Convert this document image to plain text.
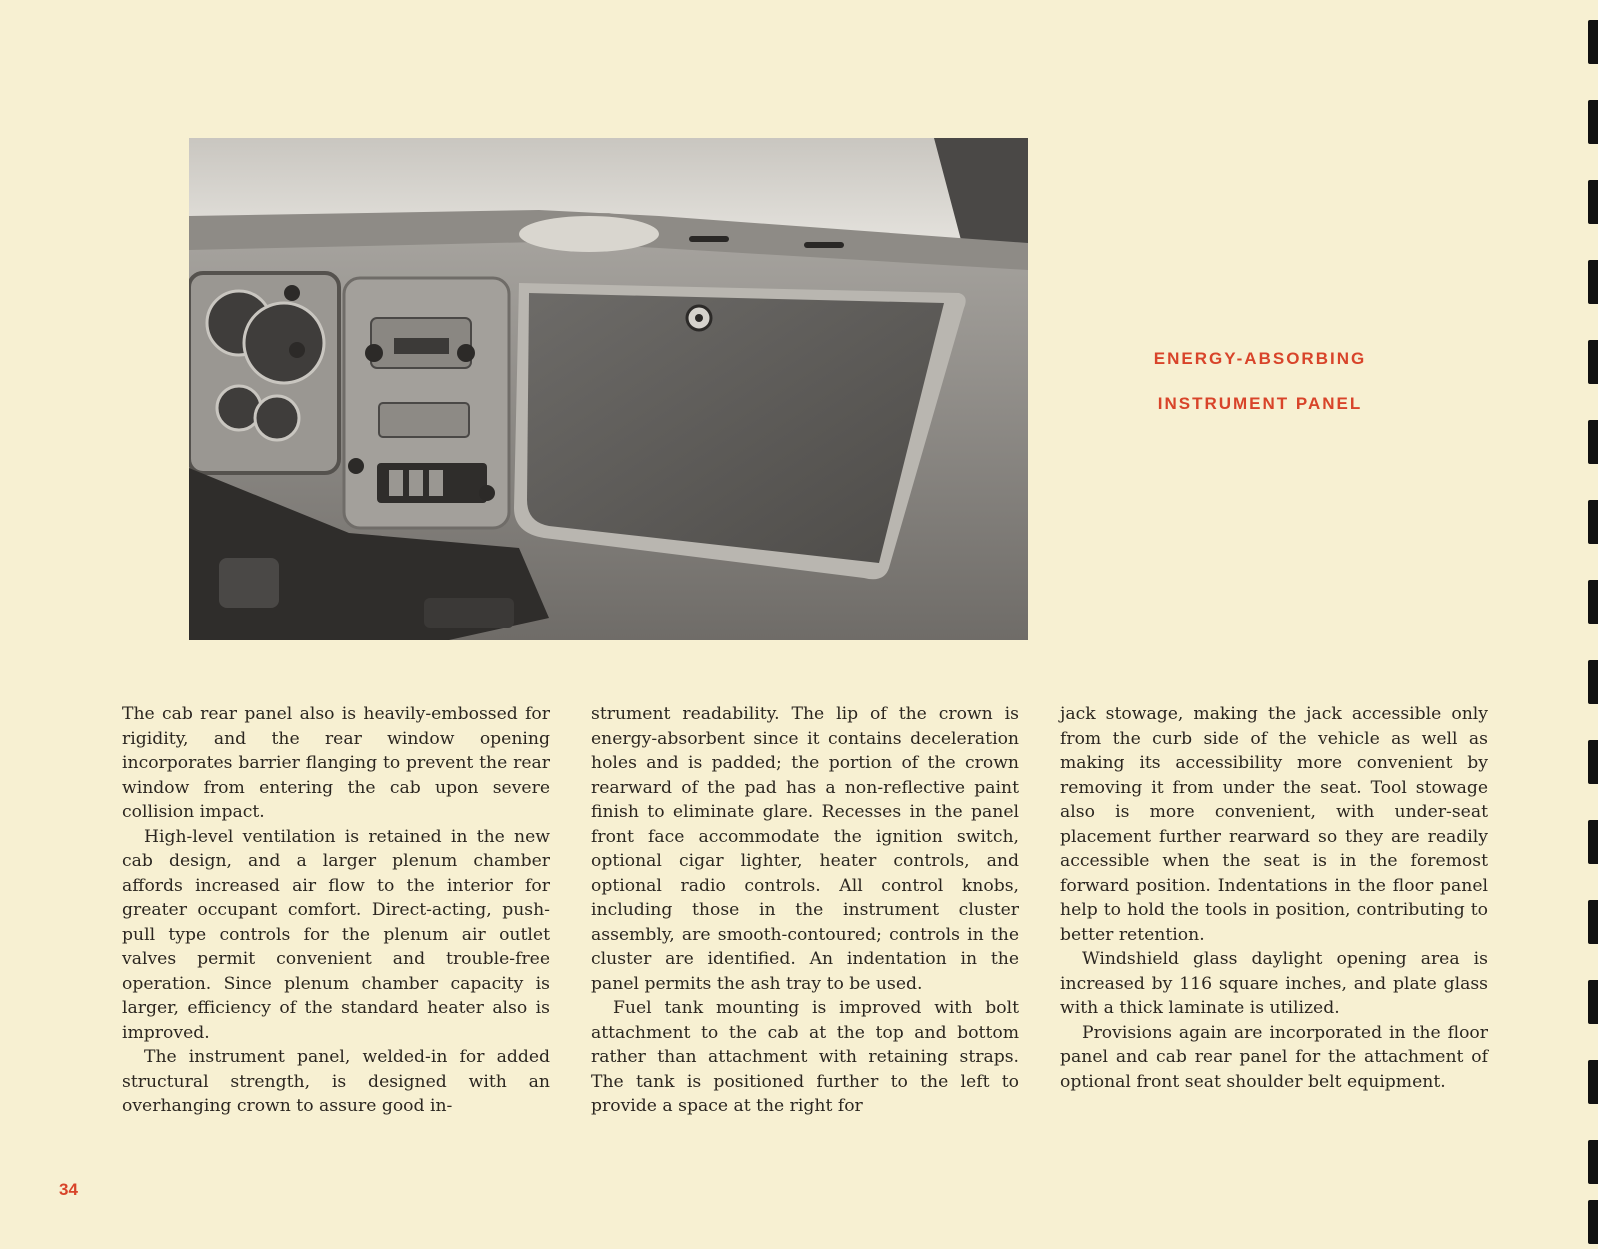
ENERGY-ABSORBING
INSTRUMENT PANEL

The cab rear panel also is heavily-embossed for rigidity, and the rear window opening incorporates barrier flanging to prevent the rear window from entering the cab upon severe collision impact.

High-level ventilation is retained in the new cab design, and a larger plenum chamber affords increased air flow to the interior for greater occupant comfort. Direct-acting, push-pull type controls for the plenum air outlet valves permit convenient and trouble-free operation. Since plenum chamber capacity is larger, efficiency of the standard heater also is improved.

The instrument panel, welded-in for added structural strength, is designed with an overhanging crown to assure good in-

strument readability. The lip of the crown is energy-absorbent since it contains deceleration holes and is padded; the portion of the crown rearward of the pad has a non-reflective paint finish to eliminate glare. Recesses in the panel front face accommodate the ignition switch, optional cigar lighter, heater controls, and optional radio controls. All control knobs, including those in the instrument cluster assembly, are smooth-contoured; controls in the cluster are identified. An indentation in the panel permits the ash tray to be used.

Fuel tank mounting is improved with bolt attachment to the cab at the top and bottom rather than attachment with retaining straps. The tank is positioned further to the left to provide a space at the right for

jack stowage, making the jack accessible only from the curb side of the vehicle as well as making its accessibility more convenient by removing it from under the seat. Tool stowage also is more convenient, with under-seat placement further rearward so they are readily accessible when the seat is in the foremost forward position. Indentations in the floor panel help to hold the tools in position, contributing to better retention.

Windshield glass daylight opening area is increased by 116 square inches, and plate glass with a thick laminate is utilized.

Provisions again are incorporated in the floor panel and cab rear panel for the attachment of optional front seat shoulder belt equipment.

34
